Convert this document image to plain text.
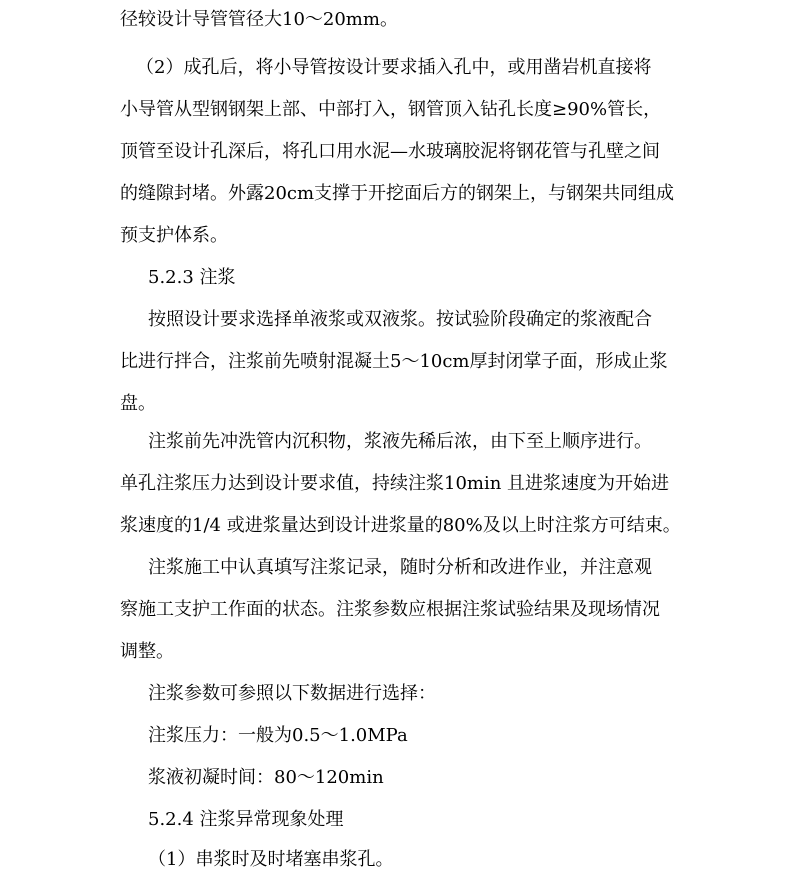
径较设计导管管径大10～20mm。
（2）成孔后，将小导管按设计要求插入孔中，或用凿岩机直接将
小导管从型钢钢架上部、中部打入，钢管顶入钻孔长度≥90%管长，
顶管至设计孔深后，将孔口用水泥—水玻璃胶泥将钢花管与孔壁之间
的缝隙封堵。外露20cm支撑于开挖面后方的钢架上，与钢架共同组成
预支护体系。
5.2.3 注浆
按照设计要求选择单液浆或双液浆。按试验阶段确定的浆液配合
比进行拌合，注浆前先喷射混凝土5～10cm厚封闭掌子面，形成止浆
盘。
注浆前先冲洗管内沉积物，浆液先稀后浓，由下至上顺序进行。
单孔注浆压力达到设计要求值，持续注浆10min 且进浆速度为开始进
浆速度的1/4 或进浆量达到设计进浆量的80%及以上时注浆方可结束。
注浆施工中认真填写注浆记录，随时分析和改进作业，并注意观
察施工支护工作面的状态。注浆参数应根据注浆试验结果及现场情况
调整。
注浆参数可参照以下数据进行选择：
注浆压力：一般为0.5～1.0MPa
浆液初凝时间：80～120min
5.2.4 注浆异常现象处理
（1）串浆时及时堵塞串浆孔。
